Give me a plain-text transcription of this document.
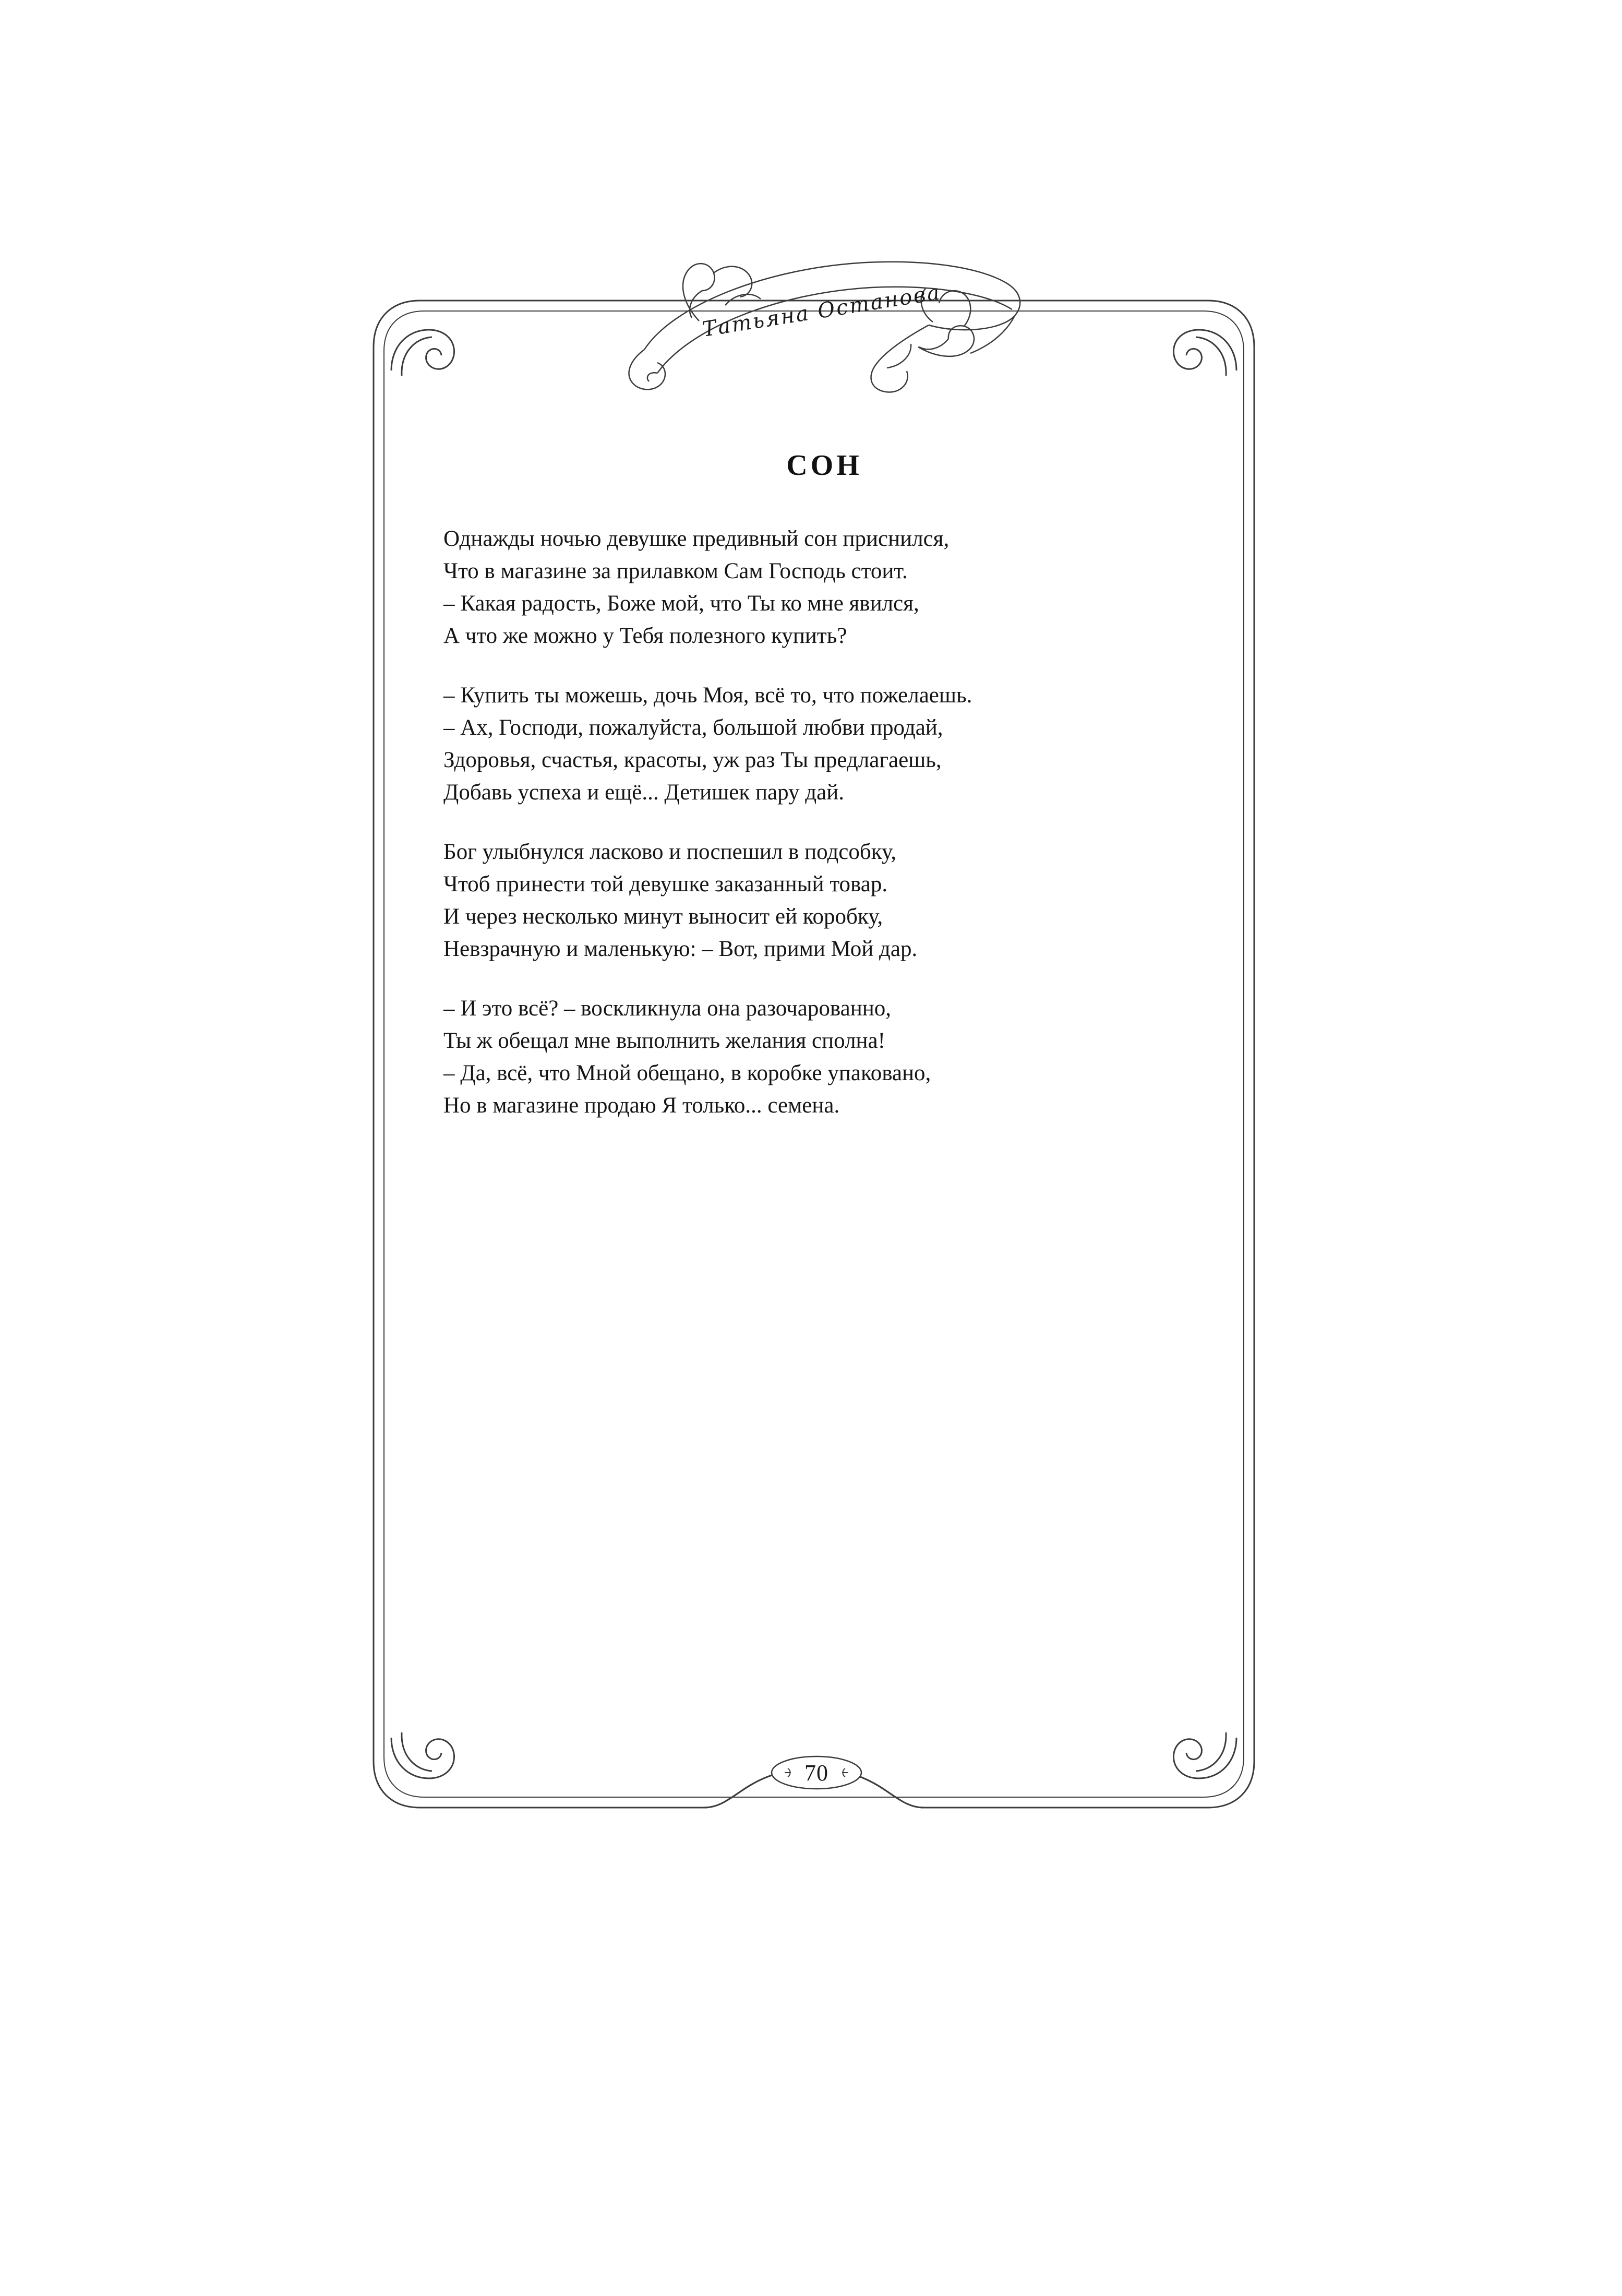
Татьяна Останова
СОН
Однажды ночью девушке предивный сон приснился,
Что в магазине за прилавком Сам Господь стоит.
– Какая радость, Боже мой, что Ты ко мне явился,
А что же можно у Тебя полезного купить?
– Купить ты можешь, дочь Моя, всё то, что пожелаешь.
– Ах, Господи, пожалуйста, большой любви продай,
Здоровья, счастья, красоты, уж раз Ты предлагаешь,
Добавь успеха и ещё... Детишек пару дай.
Бог улыбнулся ласково и поспешил в подсобку,
Чтоб принести той девушке заказанный товар.
И через несколько минут выносит ей коробку,
Невзрачную и маленькую: – Вот, прими Мой дар.
– И это всё? – воскликнула она разочарованно,
Ты ж обещал мне выполнить желания сполна!
– Да, всё, что Мной обещано, в коробке упаковано,
Но в магазине продаю Я только... семена.
70
